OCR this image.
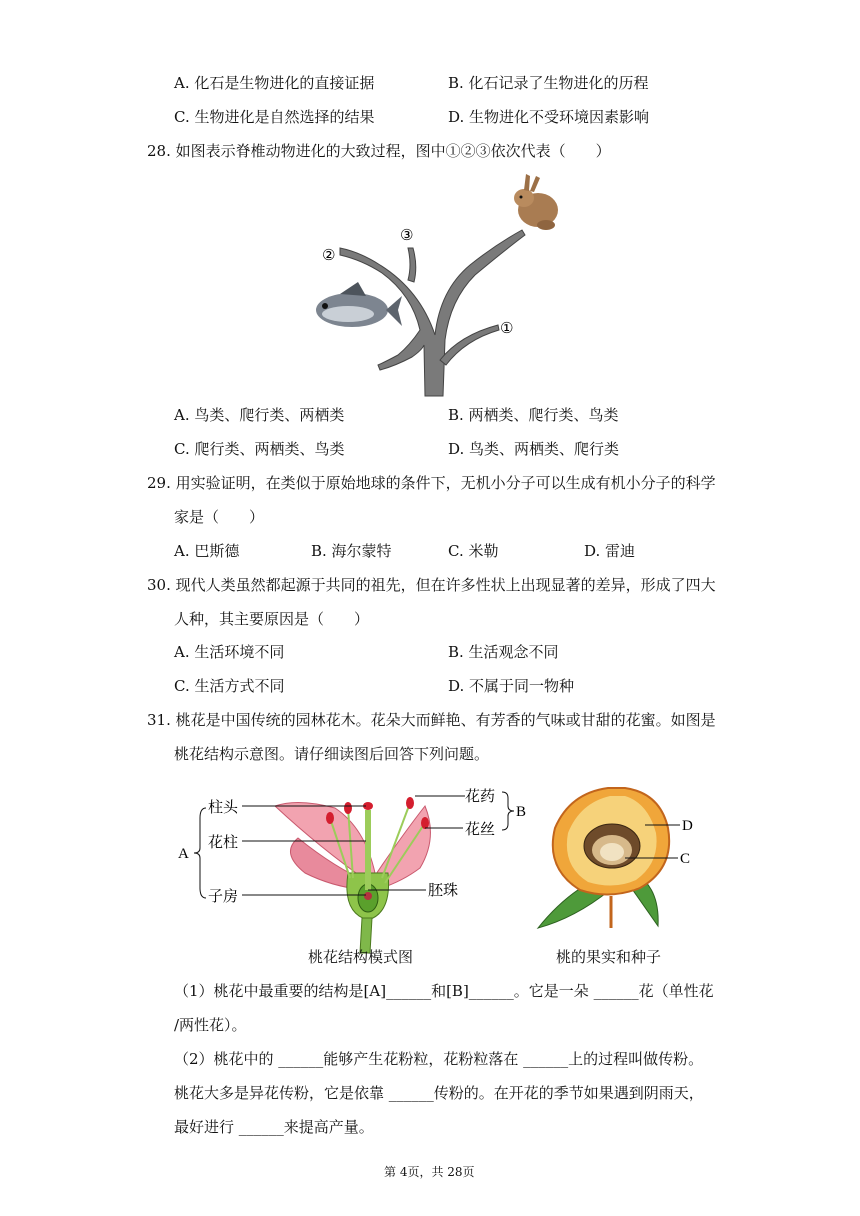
A. 化石是生物进化的直接证据	B. 化石记录了生物进化的历程
C. 生物进化是自然选择的结果	D. 生物进化不受环境因素影响
28. 如图表示脊椎动物进化的大致过程，图中①②③依次代表（　　）
②
③
①
A. 鸟类、爬行类、两栖类	B. 两栖类、爬行类、鸟类
C. 爬行类、两栖类、鸟类	D. 鸟类、两栖类、爬行类
29. 用实验证明，在类似于原始地球的条件下，无机小分子可以生成有机小分子的科学
家是（　　）
A. 巴斯德	B. 海尔蒙特	C. 米勒	D. 雷迪
30. 现代人类虽然都起源于共同的祖先，但在许多性状上出现显著的差异，形成了四大
人种，其主要原因是（　　）
A. 生活环境不同	B. 生活观念不同
C. 生活方式不同	D. 不属于同一物种
31. 桃花是中国传统的园林花木。花朵大而鲜艳、有芳香的气味或甘甜的花蜜。如图是
桃花结构示意图。请仔细读图后回答下列问题。
柱头
花柱
子房	胚珠
花药
花丝
A
B
D
C
桃花结构模式图	桃的果实和种子
（1）桃花中最重要的结构是[A]______和[B]______。它是一朵 ______花（单性花
/两性花）。
（2）桃花中的 ______能够产生花粉粒，花粉粒落在 ______上的过程叫做传粉。
桃花大多是异花传粉，它是依靠 ______传粉的。在开花的季节如果遇到阴雨天，
最好进行 ______来提高产量。
第 4页，共 28页
